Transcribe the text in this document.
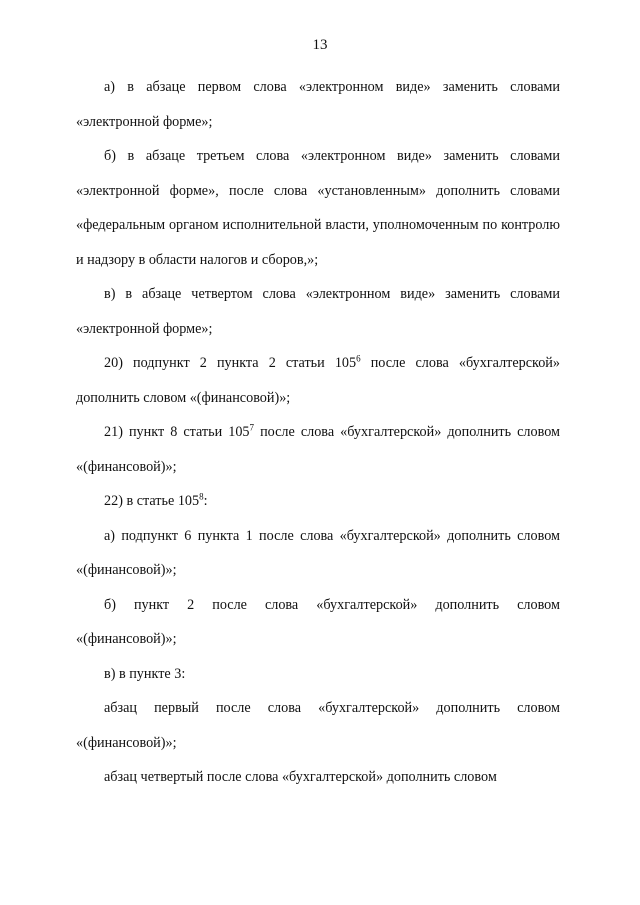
13

а) в абзаце первом слова «электронном виде» заменить словами «электронной форме»;

б) в абзаце третьем слова «электронном виде» заменить словами «электронной форме», после слова «установленным» дополнить словами «федеральным органом исполнительной власти, уполномоченным по контролю и надзору в области налогов и сборов,»;

в) в абзаце четвертом слова «электронном виде» заменить словами «электронной форме»;

20) подпункт 2 пункта 2 статьи $105^6$ после слова «бухгалтерской» дополнить словом «(финансовой)»;

21) пункт 8 статьи $105^7$ после слова «бухгалтерской» дополнить словом «(финансовой)»;

22) в статье $105^8$:

а) подпункт 6 пункта 1 после слова «бухгалтерской» дополнить словом «(финансовой)»;

б) пункт 2 после слова «бухгалтерской» дополнить словом «(финансовой)»;

в) в пункте 3:

абзац первый после слова «бухгалтерской» дополнить словом «(финансовой)»;

абзац четвертый после слова «бухгалтерской» дополнить словом
